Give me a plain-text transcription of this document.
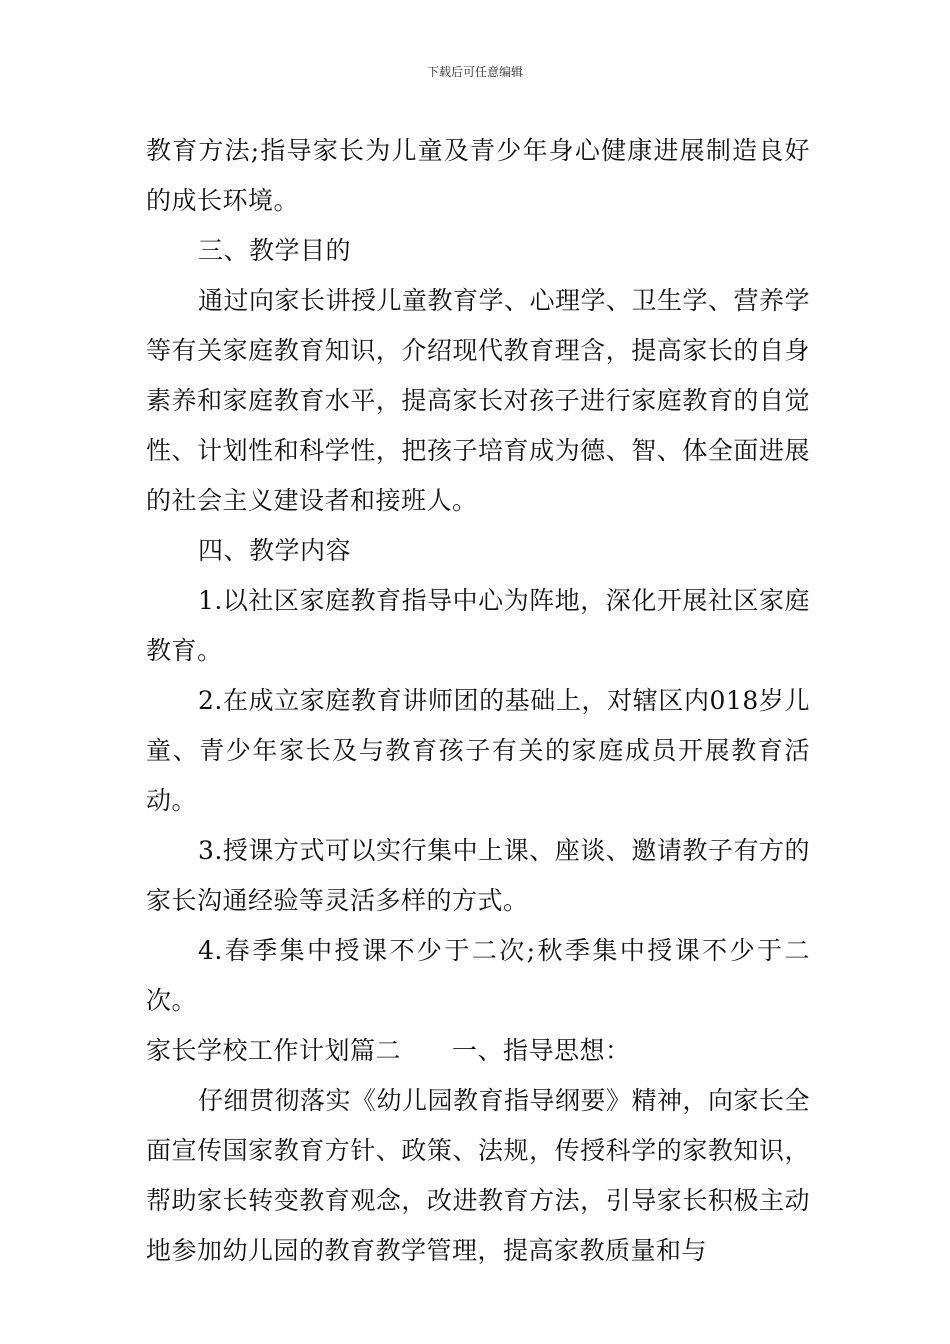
下载后可任意编辑

教育方法;指导家长为儿童及青少年身心健康进展制造良好的成长环境。

三、教学目的

通过向家长讲授儿童教育学、心理学、卫生学、营养学等有关家庭教育知识，介绍现代教育理含，提高家长的自身素养和家庭教育水平，提高家长对孩子进行家庭教育的自觉性、计划性和科学性，把孩子培育成为德、智、体全面进展的社会主义建设者和接班人。

四、教学内容

1.以社区家庭教育指导中心为阵地，深化开展社区家庭教育。

2.在成立家庭教育讲师团的基础上，对辖区内018岁儿童、青少年家长及与教育孩子有关的家庭成员开展教育活动。

3.授课方式可以实行集中上课、座谈、邀请教子有方的家长沟通经验等灵活多样的方式。

4.春季集中授课不少于二次;秋季集中授课不少于二次。

家长学校工作计划篇二　　一、指导思想：

仔细贯彻落实《幼儿园教育指导纲要》精神，向家长全面宣传国家教育方针、政策、法规，传授科学的家教知识，帮助家长转变教育观念，改进教育方法，引导家长积极主动地参加幼儿园的教育教学管理，提高家教质量和与
